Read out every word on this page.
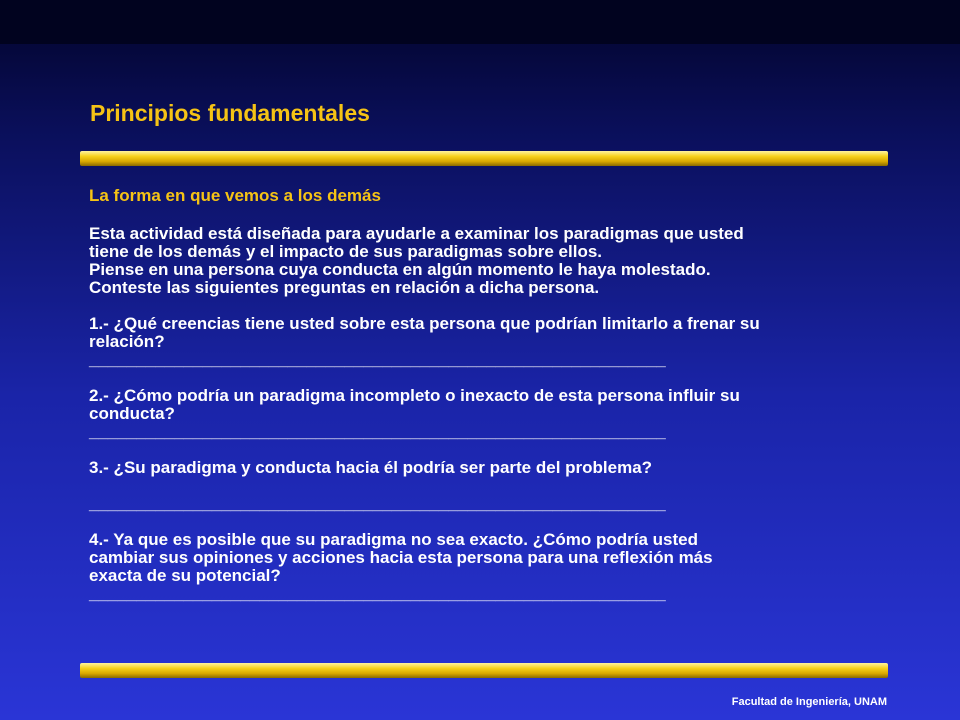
Principios fundamentales
La forma en que vemos a los demás
Esta actividad está diseñada para ayudarle a examinar los paradigmas que usted
tiene de los demás y el impacto de sus paradigmas sobre ellos.
Piense en una persona cuya conducta en algún momento le haya molestado.
Conteste las siguientes preguntas en relación a dicha persona.
1.- ¿Qué creencias tiene usted sobre esta persona que podrían limitarlo a frenar su
relación?
_____________________________________________________________
2.- ¿Cómo podría un paradigma incompleto o inexacto de esta persona influir su
conducta?
_____________________________________________________________
3.- ¿Su paradigma y conducta hacia él podría ser parte del problema?
_____________________________________________________________
4.- Ya que es posible que su paradigma no sea exacto. ¿Cómo podría usted
cambiar sus opiniones y acciones hacia esta persona para una reflexión más
exacta de su potencial?
_____________________________________________________________
Facultad de Ingeniería, UNAM
